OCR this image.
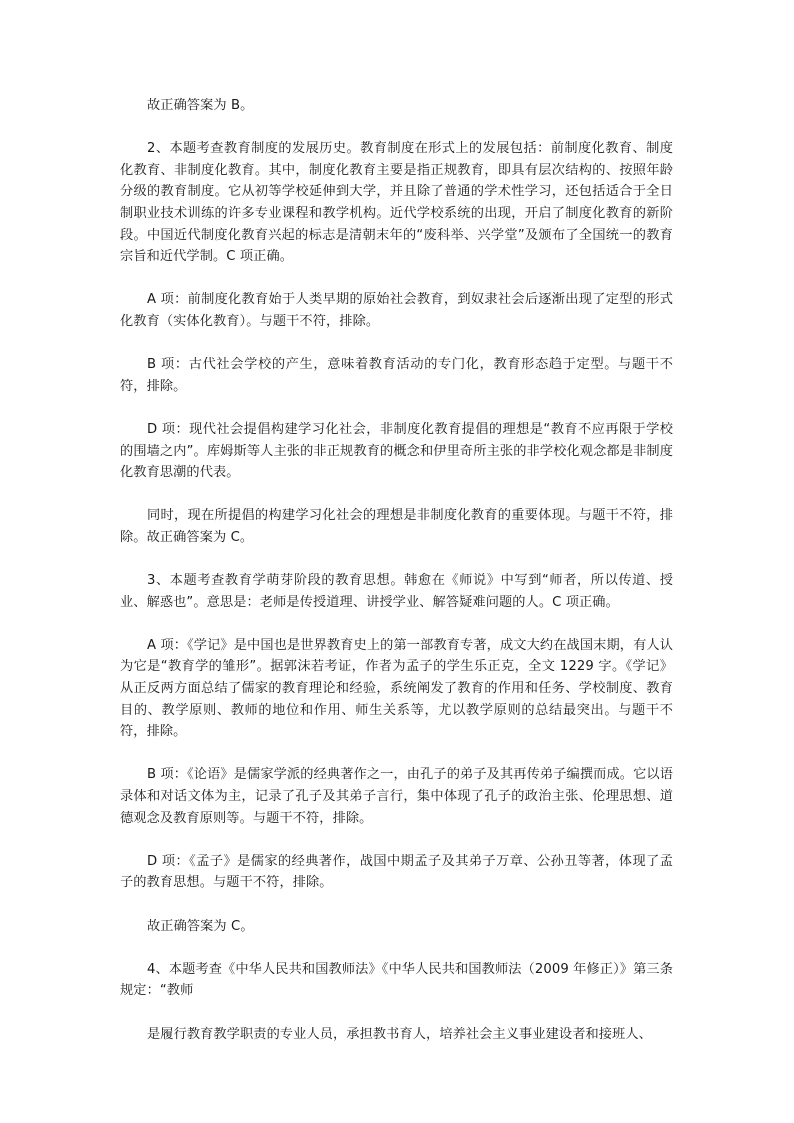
故正确答案为 B。

2、本题考查教育制度的发展历史。教育制度在形式上的发展包括：前制度化教育、制度化教育、非制度化教育。其中，制度化教育主要是指正规教育，即具有层次结构的、按照年龄分级的教育制度。它从初等学校延伸到大学，并且除了普通的学术性学习，还包括适合于全日制职业技术训练的许多专业课程和教学机构。近代学校系统的出现，开启了制度化教育的新阶段。中国近代制度化教育兴起的标志是清朝末年的“废科举、兴学堂”及颁布了全国统一的教育宗旨和近代学制。C 项正确。

A 项：前制度化教育始于人类早期的原始社会教育，到奴隶社会后逐渐出现了定型的形式化教育（实体化教育）。与题干不符，排除。

B 项：古代社会学校的产生，意味着教育活动的专门化，教育形态趋于定型。与题干不符，排除。

D 项：现代社会提倡构建学习化社会，非制度化教育提倡的理想是“教育不应再限于学校的围墙之内”。库姆斯等人主张的非正规教育的概念和伊里奇所主张的非学校化观念都是非制度化教育思潮的代表。

同时，现在所提倡的构建学习化社会的理想是非制度化教育的重要体现。与题干不符，排除。故正确答案为 C。

3、本题考查教育学萌芽阶段的教育思想。韩愈在《师说》中写到“师者，所以传道、授业、解惑也”。意思是：老师是传授道理、讲授学业、解答疑难问题的人。C 项正确。

A 项：《学记》是中国也是世界教育史上的第一部教育专著，成文大约在战国末期，有人认为它是“教育学的雏形”。据郭沫若考证，作者为孟子的学生乐正克，全文 1229 字。《学记》从正反两方面总结了儒家的教育理论和经验，系统阐发了教育的作用和任务、学校制度、教育目的、教学原则、教师的地位和作用、师生关系等，尤以教学原则的总结最突出。与题干不符，排除。

B 项：《论语》是儒家学派的经典著作之一，由孔子的弟子及其再传弟子编撰而成。它以语录体和对话文体为主，记录了孔子及其弟子言行，集中体现了孔子的政治主张、伦理思想、道德观念及教育原则等。与题干不符，排除。

D 项：《孟子》是儒家的经典著作，战国中期孟子及其弟子万章、公孙丑等著，体现了孟子的教育思想。与题干不符，排除。

故正确答案为 C。

4、本题考查《中华人民共和国教师法》《中华人民共和国教师法（2009 年修正）》第三条规定：“教师

是履行教育教学职责的专业人员，承担教书育人，培养社会主义事业建设者和接班人、
